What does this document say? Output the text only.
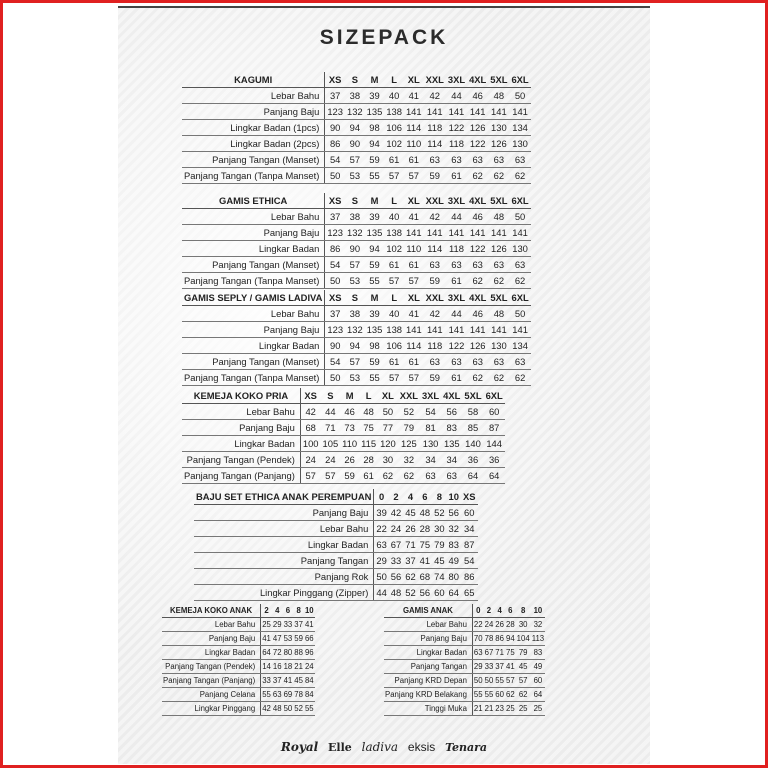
SIZEPACK
KAGUMI	XS	S	M	L	XL	XXL	3XL	4XL	5XL	6XL
Lebar Bahu	37	38	39	40	41	42	44	46	48	50
Panjang Baju	123	132	135	138	141	141	141	141	141	141
Lingkar Badan (1pcs)	90	94	98	106	114	118	122	126	130	134
Lingkar Badan (2pcs)	86	90	94	102	110	114	118	122	126	130
Panjang Tangan (Manset)	54	57	59	61	61	63	63	63	63	63
Panjang Tangan (Tanpa Manset)	50	53	55	57	57	59	61	62	62	62
GAMIS ETHICA	XS	S	M	L	XL	XXL	3XL	4XL	5XL	6XL
Lebar Bahu	37	38	39	40	41	42	44	46	48	50
Panjang Baju	123	132	135	138	141	141	141	141	141	141
Lingkar Badan	86	90	94	102	110	114	118	122	126	130
Panjang Tangan (Manset)	54	57	59	61	61	63	63	63	63	63
Panjang Tangan (Tanpa Manset)	50	53	55	57	57	59	61	62	62	62
GAMIS SEPLY / GAMIS LADIVA	XS	S	M	L	XL	XXL	3XL	4XL	5XL	6XL
Lebar Bahu	37	38	39	40	41	42	44	46	48	50
Panjang Baju	123	132	135	138	141	141	141	141	141	141
Lingkar Badan	90	94	98	106	114	118	122	126	130	134
Panjang Tangan (Manset)	54	57	59	61	61	63	63	63	63	63
Panjang Tangan (Tanpa Manset)	50	53	55	57	57	59	61	62	62	62
KEMEJA KOKO PRIA	XS	S	M	L	XL	XXL	3XL	4XL	5XL	6XL
Lebar Bahu	42	44	46	48	50	52	54	56	58	60
Panjang Baju	68	71	73	75	77	79	81	83	85	87
Lingkar Badan	100	105	110	115	120	125	130	135	140	144
Panjang Tangan (Pendek)	24	24	26	28	30	32	34	34	36	36
Panjang Tangan (Panjang)	57	57	59	61	62	62	63	63	64	64
BAJU SET ETHICA ANAK PEREMPUAN	0	2	4	6	8	10	XS
Panjang Baju	39	42	45	48	52	56	60
Lebar Bahu	22	24	26	28	30	32	34
Lingkar Badan	63	67	71	75	79	83	87
Panjang Tangan	29	33	37	41	45	49	54
Panjang Rok	50	56	62	68	74	80	86
Lingkar Pinggang (Zipper)	44	48	52	56	60	64	65
KEMEJA KOKO ANAK	2	4	6	8	10
Lebar Bahu	25	29	33	37	41
Panjang Baju	41	47	53	59	66
Lingkar Badan	64	72	80	88	96
Panjang Tangan (Pendek)	14	16	18	21	24
Panjang Tangan (Panjang)	33	37	41	45	84
Panjang Celana	55	63	69	78	84
Lingkar Pinggang	42	48	50	52	55
GAMIS ANAK	0	2	4	6	8	10
Lebar Bahu	22	24	26	28	30	32
Panjang Baju	70	78	86	94	104	113
Lingkar Badan	63	67	71	75	79	83
Panjang Tangan	29	33	37	41	45	49
Panjang KRD Depan	50	50	55	57	57	60
Panjang KRD Belakang	55	55	60	62	62	64
Tinggi Muka	21	21	23	25	25	25
Royal Elle ladiva eksis Tenara
